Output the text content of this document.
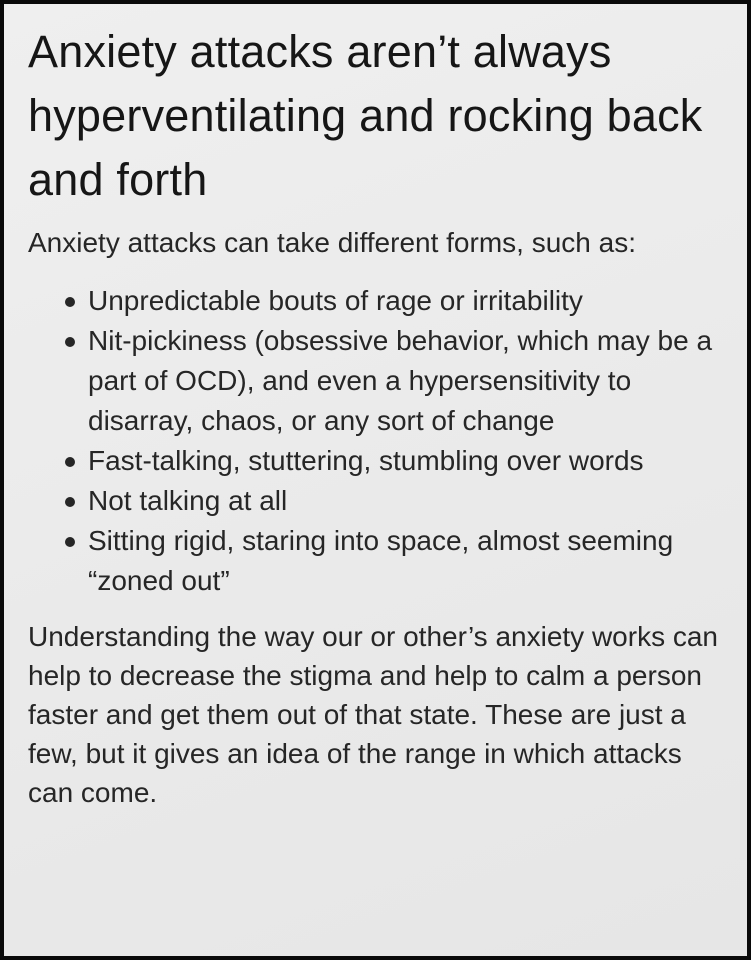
Anxiety attacks aren’t always hyperventilating and rocking back and forth

Anxiety attacks can take different forms, such as:

Unpredictable bouts of rage or irritability
Nit-pickiness (obsessive behavior, which may be a part of OCD), and even a hypersensitivity to disarray, chaos, or any sort of change
Fast-talking, stuttering, stumbling over words
Not talking at all
Sitting rigid, staring into space, almost seeming “zoned out”

Understanding the way our or other’s anxiety works can help to decrease the stigma and help to calm a person faster and get them out of that state. These are just a few, but it gives an idea of the range in which attacks can come.
